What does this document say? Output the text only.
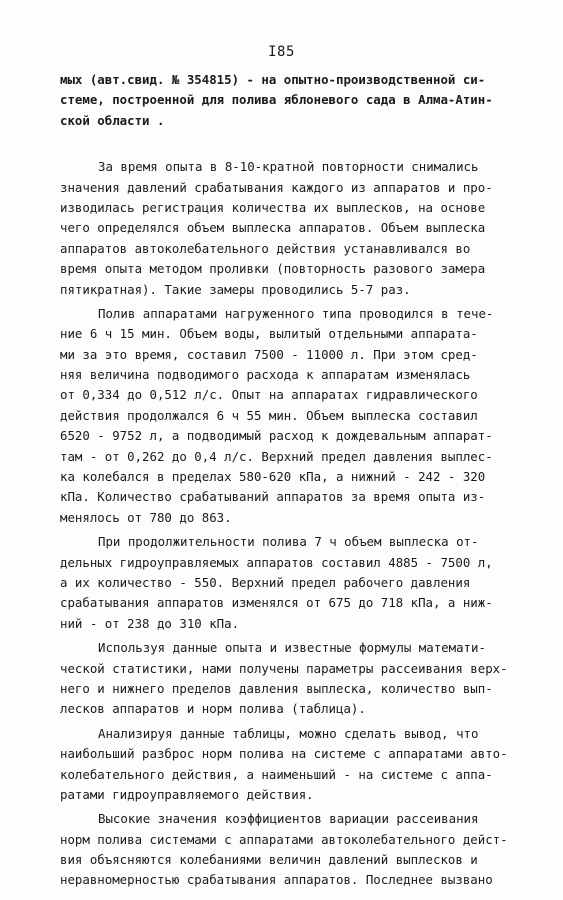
I85
мых (авт.свид. № 354815) - на опытно-производственной си-
стеме, построенной для полива яблоневого сада в Алма-Атин-
ской области .
За время опыта в 8-10-кратной повторности снимались
значения давлений срабатывания каждого из аппаратов и про-
изводилась регистрация количества их выплесков, на основе
чего определялся объем выплеска аппаратов. Объем выплеска
аппаратов автоколебательного действия устанавливался во
время опыта методом проливки (повторность разового замера
пятикратная). Такие замеры проводились 5-7 раз.
Полив аппаратами нагруженного типа проводился в тече-
ние 6 ч 15 мин. Объем воды, вылитый отдельными аппарата-
ми за это время, составил 7500 - 11000 л. При этом сред-
няя величина подводимого расхода к аппаратам изменялась
от 0,334 до 0,512 л/с. Опыт на аппаратах гидравлического
действия продолжался 6 ч 55 мин. Объем выплеска составил
6520 - 9752 л, а подводимый расход к дождевальным аппарат-
там - от 0,262 до 0,4 л/с. Верхний предел давления выплес-
ка колебался в пределах 580-620 кПа, а нижний - 242 - 320
кПа. Количество срабатываний аппаратов за время опыта из-
менялось от 780 до 863.
При продолжительности полива 7 ч объем выплеска от-
дельных гидроуправляемых аппаратов составил 4885 - 7500 л,
а их количество - 550. Верхний предел рабочего давления
срабатывания аппаратов изменялся от 675 до 718 кПа, а ниж-
ний - от 238 до 310 кПа.
Используя данные опыта и известные формулы математи-
ческой статистики, нами получены параметры рассеивания верх-
него и нижнего пределов давления выплеска, количество вып-
лесков аппаратов и норм полива (таблица).
Анализируя данные таблицы, можно сделать вывод, что
наибольший разброс норм полива на системе с аппаратами авто-
колебательного действия, а наименьший - на системе с аппа-
ратами гидроуправляемого действия.
Высокие значения коэффициентов вариации рассеивания
норм полива системами с аппаратами автоколебательного дейст-
вия объясняются колебаниями величин давлений выплесков и
неравномерностью срабатывания аппаратов. Последнее вызвано
